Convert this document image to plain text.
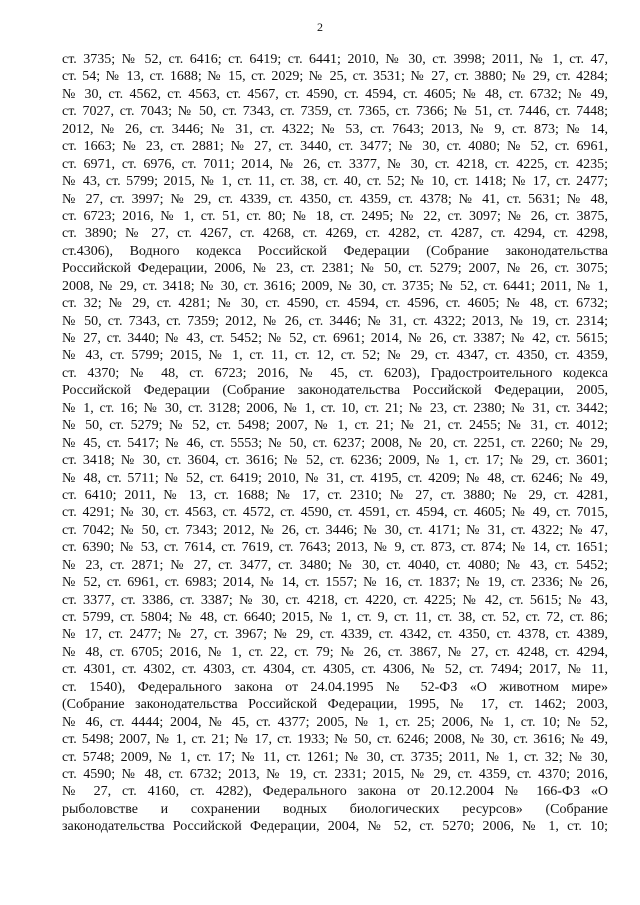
2
ст. 3735; № 52, ст. 6416; ст. 6419; ст. 6441; 2010, № 30, ст. 3998; 2011, № 1, ст. 47,
ст. 54; № 13, ст. 1688; № 15, ст. 2029; № 25, ст. 3531; № 27, ст. 3880; № 29, ст. 4284;
№ 30, ст. 4562, ст. 4563, ст. 4567, ст. 4590, ст. 4594, ст. 4605; № 48, ст. 6732; № 49,
ст. 7027, ст. 7043; № 50, ст. 7343, ст. 7359, ст. 7365, ст. 7366; № 51, ст. 7446, ст. 7448;
2012, № 26, ст. 3446; № 31, ст. 4322; № 53, ст. 7643; 2013, № 9, ст. 873; № 14,
ст. 1663; № 23, ст. 2881; № 27, ст. 3440, ст. 3477; № 30, ст. 4080; № 52, ст. 6961,
ст. 6971, ст. 6976, ст. 7011; 2014, № 26, ст. 3377, № 30, ст. 4218, ст. 4225, ст. 4235;
№ 43, ст. 5799; 2015, № 1, ст. 11, ст. 38, ст. 40, ст. 52; № 10, ст. 1418; № 17, ст. 2477;
№ 27, ст. 3997; № 29, ст. 4339, ст. 4350, ст. 4359, ст. 4378; № 41, ст. 5631; № 48,
ст. 6723; 2016, № 1, ст. 51, ст. 80; № 18, ст. 2495; № 22, ст. 3097; № 26, ст. 3875,
ст. 3890; № 27, ст. 4267, ст. 4268, ст. 4269, ст. 4282, ст. 4287, ст. 4294, ст. 4298,
ст.4306), Водного кодекса Российской Федерации (Собрание законодательства
Российской Федерации, 2006, № 23, ст. 2381; № 50, ст. 5279; 2007, № 26, ст. 3075;
2008, № 29, ст. 3418; № 30, ст. 3616; 2009, № 30, ст. 3735; № 52, ст. 6441; 2011, № 1,
ст. 32; № 29, ст. 4281; № 30, ст. 4590, ст. 4594, ст. 4596, ст. 4605; № 48, ст. 6732;
№ 50, ст. 7343, ст. 7359; 2012, № 26, ст. 3446; № 31, ст. 4322; 2013, № 19, ст. 2314;
№ 27, ст. 3440; № 43, ст. 5452; № 52, ст. 6961; 2014, № 26, ст. 3387; № 42, ст. 5615;
№ 43, ст. 5799; 2015, № 1, ст. 11, ст. 12, ст. 52; № 29, ст. 4347, ст. 4350, ст. 4359,
ст. 4370; № 48, ст. 6723; 2016, № 45, ст. 6203), Градостроительного кодекса
Российской Федерации (Собрание законодательства Российской Федерации, 2005,
№ 1, ст. 16; № 30, ст. 3128; 2006, № 1, ст. 10, ст. 21; № 23, ст. 2380; № 31, ст. 3442;
№ 50, ст. 5279; № 52, ст. 5498; 2007, № 1, ст. 21; № 21, ст. 2455; № 31, ст. 4012;
№ 45, ст. 5417; № 46, ст. 5553; № 50, ст. 6237; 2008, № 20, ст. 2251, ст. 2260; № 29,
ст. 3418; № 30, ст. 3604, ст. 3616; № 52, ст. 6236; 2009, № 1, ст. 17; № 29, ст. 3601;
№ 48, ст. 5711; № 52, ст. 6419; 2010, № 31, ст. 4195, ст. 4209; № 48, ст. 6246; № 49,
ст. 6410; 2011, № 13, ст. 1688; № 17, ст. 2310; № 27, ст. 3880; № 29, ст. 4281,
ст. 4291; № 30, ст. 4563, ст. 4572, ст. 4590, ст. 4591, ст. 4594, ст. 4605; № 49, ст. 7015,
ст. 7042; № 50, ст. 7343; 2012, № 26, ст. 3446; № 30, ст. 4171; № 31, ст. 4322; № 47,
ст. 6390; № 53, ст. 7614, ст. 7619, ст. 7643; 2013, № 9, ст. 873, ст. 874; № 14, ст. 1651;
№ 23, ст. 2871; № 27, ст. 3477, ст. 3480; № 30, ст. 4040, ст. 4080; № 43, ст. 5452;
№ 52, ст. 6961, ст. 6983; 2014, № 14, ст. 1557; № 16, ст. 1837; № 19, ст. 2336; № 26,
ст. 3377, ст. 3386, ст. 3387; № 30, ст. 4218, ст. 4220, ст. 4225; № 42, ст. 5615; № 43,
ст. 5799, ст. 5804; № 48, ст. 6640; 2015, № 1, ст. 9, ст. 11, ст. 38, ст. 52, ст. 72, ст. 86;
№ 17, ст. 2477; № 27, ст. 3967; № 29, ст. 4339, ст. 4342, ст. 4350, ст. 4378, ст. 4389,
№ 48, ст. 6705; 2016, № 1, ст. 22, ст. 79; № 26, ст. 3867, № 27, ст. 4248, ст. 4294,
ст. 4301, ст. 4302, ст. 4303, ст. 4304, ст. 4305, ст. 4306, № 52, ст. 7494; 2017, № 11,
ст. 1540), Федерального закона от 24.04.1995 № 52-ФЗ «О животном мире»
(Собрание законодательства Российской Федерации, 1995, № 17, ст. 1462; 2003,
№ 46, ст. 4444; 2004, № 45, ст. 4377; 2005, № 1, ст. 25; 2006, № 1, ст. 10; № 52,
ст. 5498; 2007, № 1, ст. 21; № 17, ст. 1933; № 50, ст. 6246; 2008, № 30, ст. 3616; № 49,
ст. 5748; 2009, № 1, ст. 17; № 11, ст. 1261; № 30, ст. 3735; 2011, № 1, ст. 32; № 30,
ст. 4590; № 48, ст. 6732; 2013, № 19, ст. 2331; 2015, № 29, ст. 4359, ст. 4370; 2016,
№ 27, ст. 4160, ст. 4282), Федерального закона от 20.12.2004 № 166-ФЗ «О
рыболовстве и сохранении водных биологических ресурсов» (Собрание
законодательства Российской Федерации, 2004, № 52, ст. 5270; 2006, № 1, ст. 10;
